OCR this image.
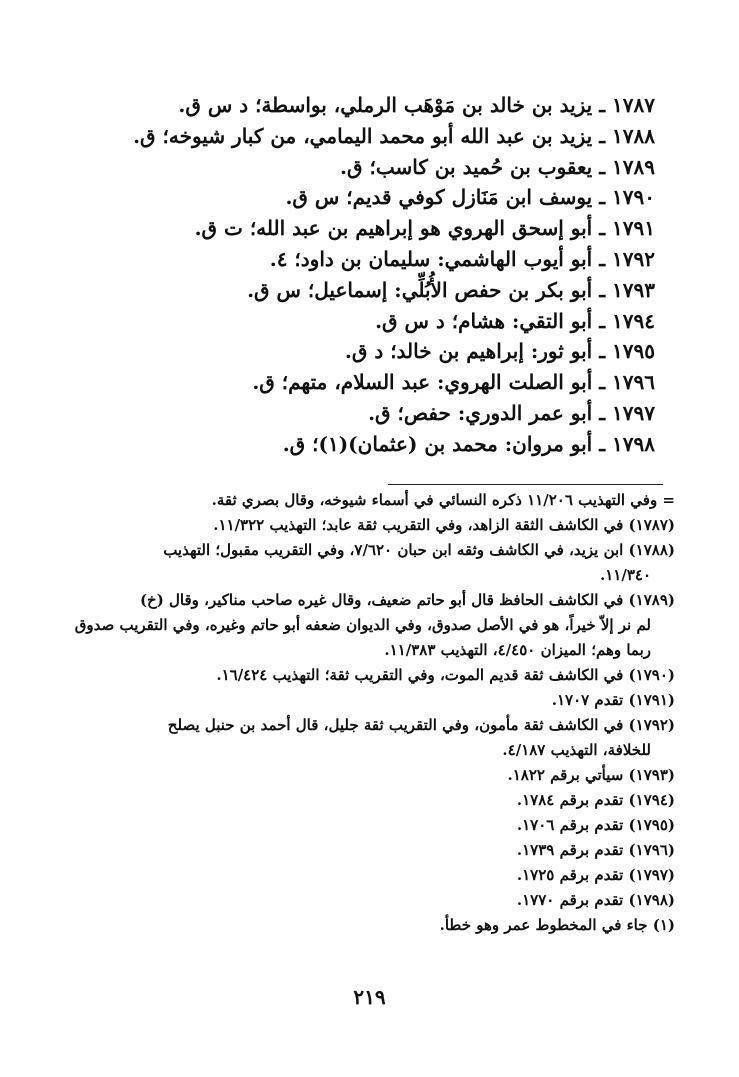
١٧٨٧ ـ يزيد بن خالد بن مَوْهَب الرملي، بواسطة؛ د س ق.
١٧٨٨ ـ يزيد بن عبد الله أبو محمد اليمامي، من كبار شيوخه؛ ق.
١٧٨٩ ـ يعقوب بن حُميد بن كاسب؛ ق.
١٧٩٠ ـ يوسف ابن مَنَازل كوفي قديم؛ س ق.
١٧٩١ ـ أبو إسحق الهروي هو إبراهيم بن عبد الله؛ ت ق.
١٧٩٢ ـ أبو أيوب الهاشمي: سليمان بن داود؛ ٤.
١٧٩٣ ـ أبو بكر بن حفص الأُبُلِّي: إسماعيل؛ س ق.
١٧٩٤ ـ أبو التقي: هشام؛ د س ق.
١٧٩٥ ـ أبو ثور: إبراهيم بن خالد؛ د ق.
١٧٩٦ ـ أبو الصلت الهروي: عبد السلام، متهم؛ ق.
١٧٩٧ ـ أبو عمر الدوري: حفص؛ ق.
١٧٩٨ ـ أبو مروان: محمد بن (عثمان)(١)؛ ق.
= وفي التهذيب ١١/٢٠٦ ذكره النسائي في أسماء شيوخه، وقال بصري ثقة.
(١٧٨٧) في الكاشف الثقة الزاهد، وفي التقريب ثقة عابد؛ التهذيب ١١/٣٢٢.
(١٧٨٨) ابن يزيد، في الكاشف وثقه ابن حبان ٧/٦٢٠، وفي التقريب مقبول؛ التهذيب
١١/٣٤٠.
(١٧٨٩) في الكاشف الحافظ قال أبو حاتم ضعيف، وقال غيره صاحب مناكير، وقال (خ)
لم نر إلاّ خيراً، هو في الأصل صدوق، وفي الديوان ضعفه أبو حاتم وغيره، وفي التقريب صدوق ربما وهم؛ الميزان ٤/٤٥٠، التهذيب ١١/٣٨٣.
(١٧٩٠) في الكاشف ثقة قديم الموت، وفي التقريب ثقة؛ التهذيب ١٦/٤٢٤.
(١٧٩١) تقدم ١٧٠٧.
(١٧٩٢) في الكاشف ثقة مأمون، وفي التقريب ثقة جليل، قال أحمد بن حنبل يصلح
للخلافة، التهذيب ٤/١٨٧.
(١٧٩٣) سيأتي برقم ١٨٢٢.
(١٧٩٤) تقدم برقم ١٧٨٤.
(١٧٩٥) تقدم برقم ١٧٠٦.
(١٧٩٦) تقدم برقم ١٧٣٩.
(١٧٩٧) تقدم برقم ١٧٢٥.
(١٧٩٨) تقدم برقم ١٧٧٠.
(١) جاء في المخطوط عمر وهو خطأ.
٢١٩
